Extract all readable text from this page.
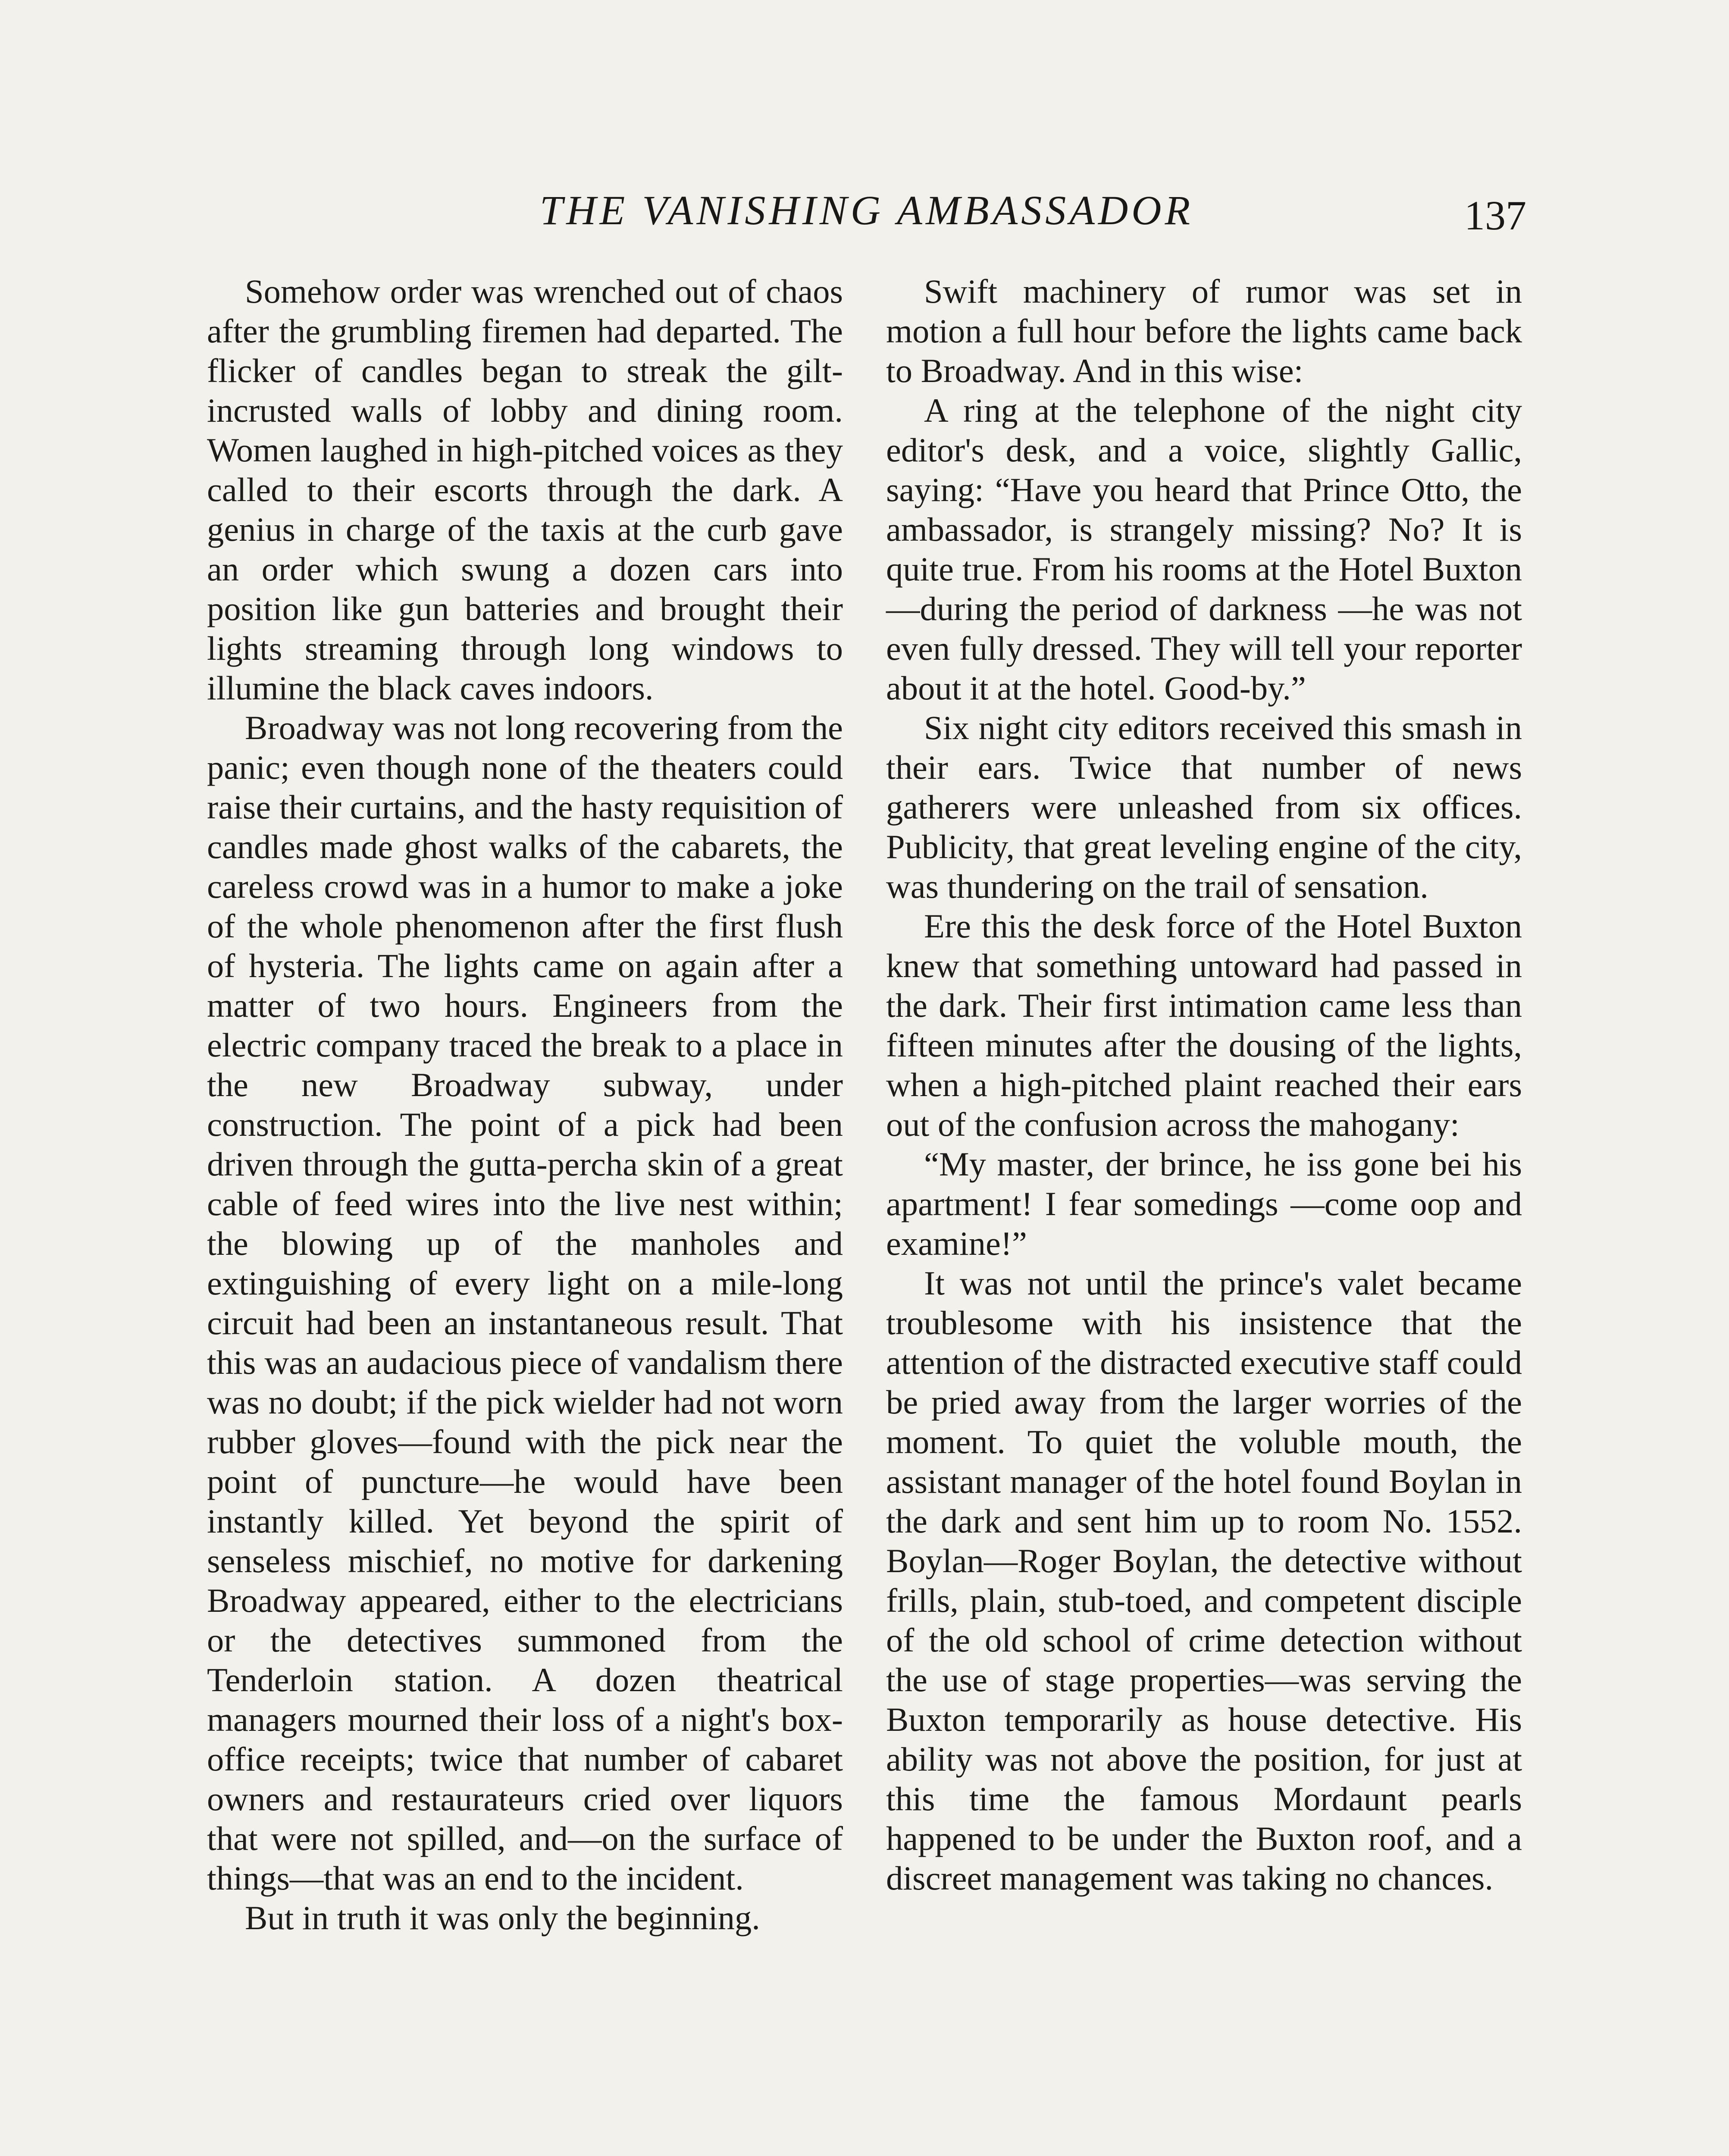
THE VANISHING AMBASSADOR	137

Somehow order was wrenched out of chaos after the grumbling firemen had departed. The flicker of candles began to streak the gilt-incrusted walls of lobby and dining room. Women laughed in high-pitched voices as they called to their escorts through the dark. A genius in charge of the taxis at the curb gave an order which swung a dozen cars into position like gun batteries and brought their lights streaming through long windows to illumine the black caves indoors.

Broadway was not long recovering from the panic; even though none of the theaters could raise their curtains, and the hasty requisition of candles made ghost walks of the cabarets, the careless crowd was in a humor to make a joke of the whole phenomenon after the first flush of hysteria. The lights came on again after a matter of two hours. Engineers from the electric company traced the break to a place in the new Broadway subway, under construction. The point of a pick had been driven through the gutta-percha skin of a great cable of feed wires into the live nest within; the blowing up of the manholes and extinguishing of every light on a mile-long circuit had been an instantaneous result. That this was an audacious piece of vandalism there was no doubt; if the pick wielder had not worn rubber gloves—found with the pick near the point of puncture—he would have been instantly killed. Yet beyond the spirit of senseless mischief, no motive for darkening Broadway appeared, either to the electricians or the detectives summoned from the Tenderloin station. A dozen theatrical managers mourned their loss of a night's box-office receipts; twice that number of cabaret owners and restaurateurs cried over liquors that were not spilled, and—on the surface of things—that was an end to the incident.

But in truth it was only the beginning.

Swift machinery of rumor was set in motion a full hour before the lights came back to Broadway. And in this wise:

A ring at the telephone of the night city editor's desk, and a voice, slightly Gallic, saying: “Have you heard that Prince Otto, the ambassador, is strangely missing? No? It is quite true. From his rooms at the Hotel Buxton—during the period of darkness —he was not even fully dressed. They will tell your reporter about it at the hotel. Good-by.”

Six night city editors received this smash in their ears. Twice that number of news gatherers were unleashed from six offices. Publicity, that great leveling engine of the city, was thundering on the trail of sensation.

Ere this the desk force of the Hotel Buxton knew that something untoward had passed in the dark. Their first intimation came less than fifteen minutes after the dousing of the lights, when a high-pitched plaint reached their ears out of the confusion across the mahogany:

“My master, der brince, he iss gone bei his apartment! I fear somedings —come oop and examine!”

It was not until the prince's valet became troublesome with his insistence that the attention of the distracted executive staff could be pried away from the larger worries of the moment. To quiet the voluble mouth, the assistant manager of the hotel found Boylan in the dark and sent him up to room No. 1552. Boylan—Roger Boylan, the detective without frills, plain, stub-toed, and competent disciple of the old school of crime detection without the use of stage properties—was serving the Buxton temporarily as house detective. His ability was not above the position, for just at this time the famous Mordaunt pearls happened to be under the Buxton roof, and a discreet management was taking no chances.
